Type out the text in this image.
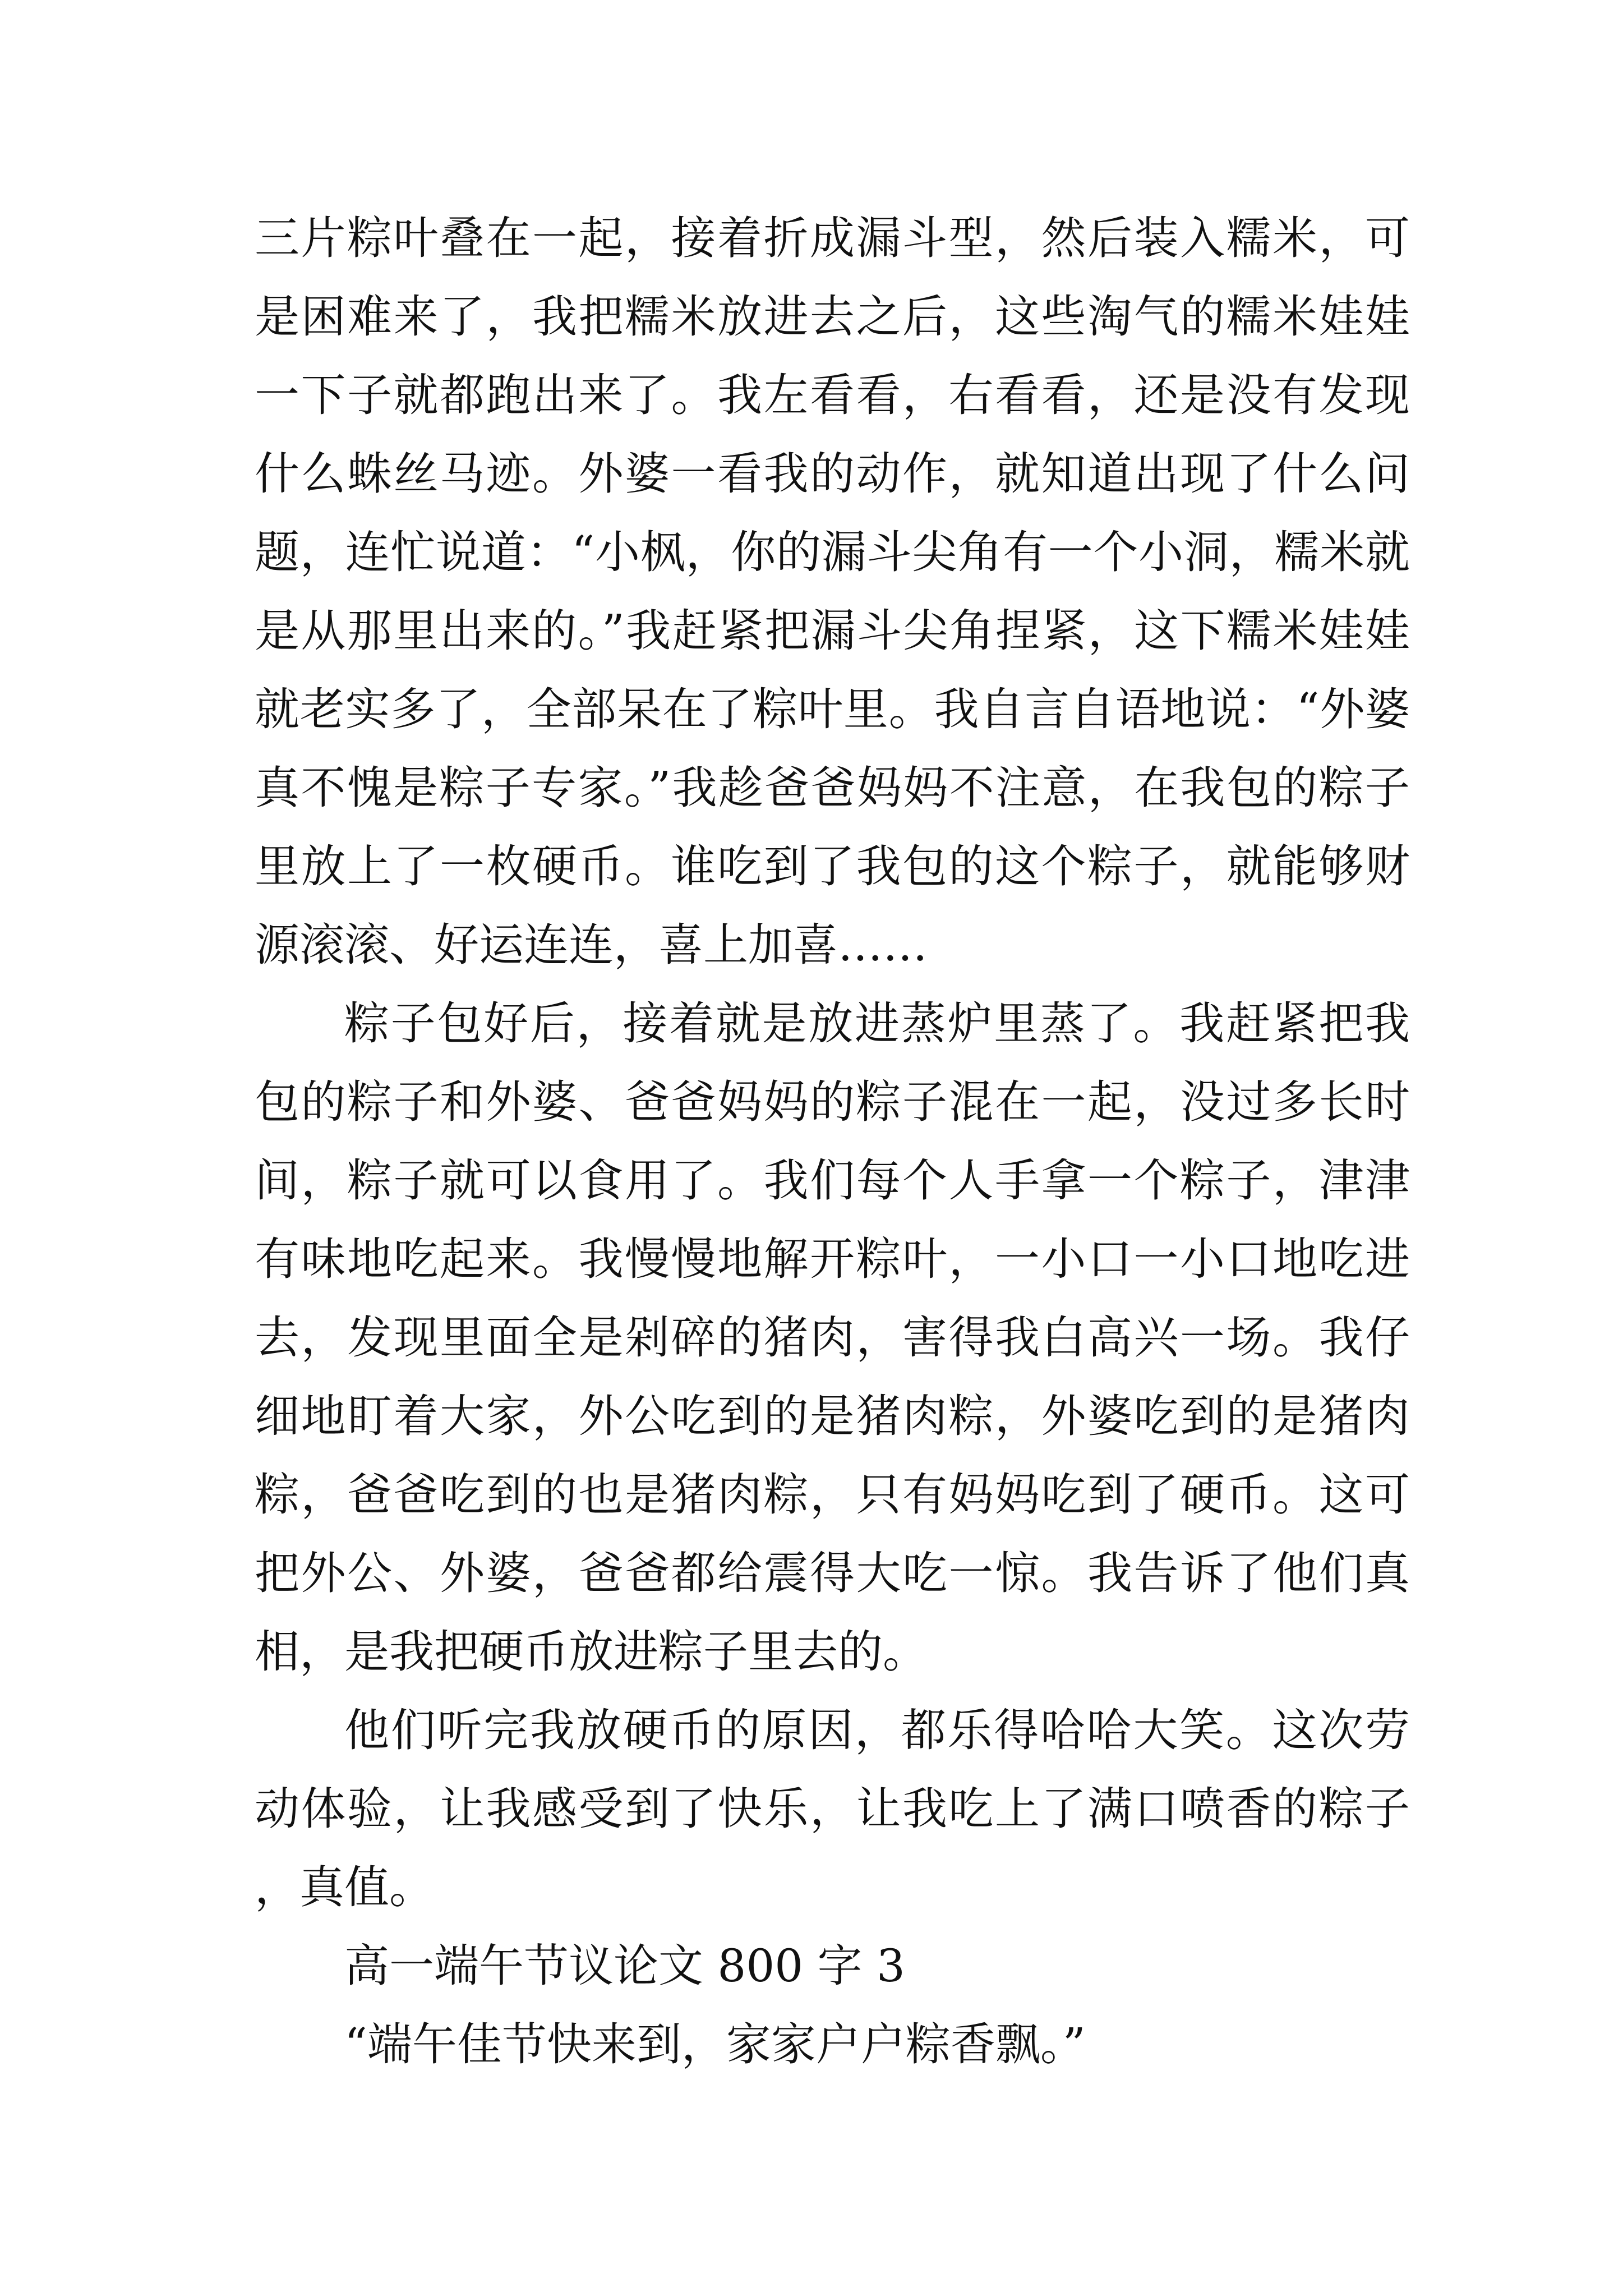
三片粽叶叠在一起，接着折成漏斗型，然后装入糯米，可是困难来了，我把糯米放进去之后，这些淘气的糯米娃娃一下子就都跑出来了。我左看看，右看看，还是没有发现什么蛛丝马迹。外婆一看我的动作，就知道出现了什么问题，连忙说道：“小枫，你的漏斗尖角有一个小洞，糯米就是从那里出来的。”我赶紧把漏斗尖角捏紧，这下糯米娃娃就老实多了，全部呆在了粽叶里。我自言自语地说：“外婆真不愧是粽子专家。”我趁爸爸妈妈不注意，在我包的粽子里放上了一枚硬币。谁吃到了我包的这个粽子，就能够财源滚滚、好运连连，喜上加喜……

粽子包好后，接着就是放进蒸炉里蒸了。我赶紧把我包的粽子和外婆、爸爸妈妈的粽子混在一起，没过多长时间，粽子就可以食用了。我们每个人手拿一个粽子，津津有味地吃起来。我慢慢地解开粽叶，一小口一小口地吃进去，发现里面全是剁碎的猪肉，害得我白高兴一场。我仔细地盯着大家，外公吃到的是猪肉粽，外婆吃到的是猪肉粽，爸爸吃到的也是猪肉粽，只有妈妈吃到了硬币。这可把外公、外婆，爸爸都给震得大吃一惊。我告诉了他们真相，是我把硬币放进粽子里去的。

他们听完我放硬币的原因，都乐得哈哈大笑。这次劳动体验，让我感受到了快乐，让我吃上了满口喷香的粽子，真值。

高一端午节议论文 800 字 3

“端午佳节快来到，家家户户粽香飘。”
